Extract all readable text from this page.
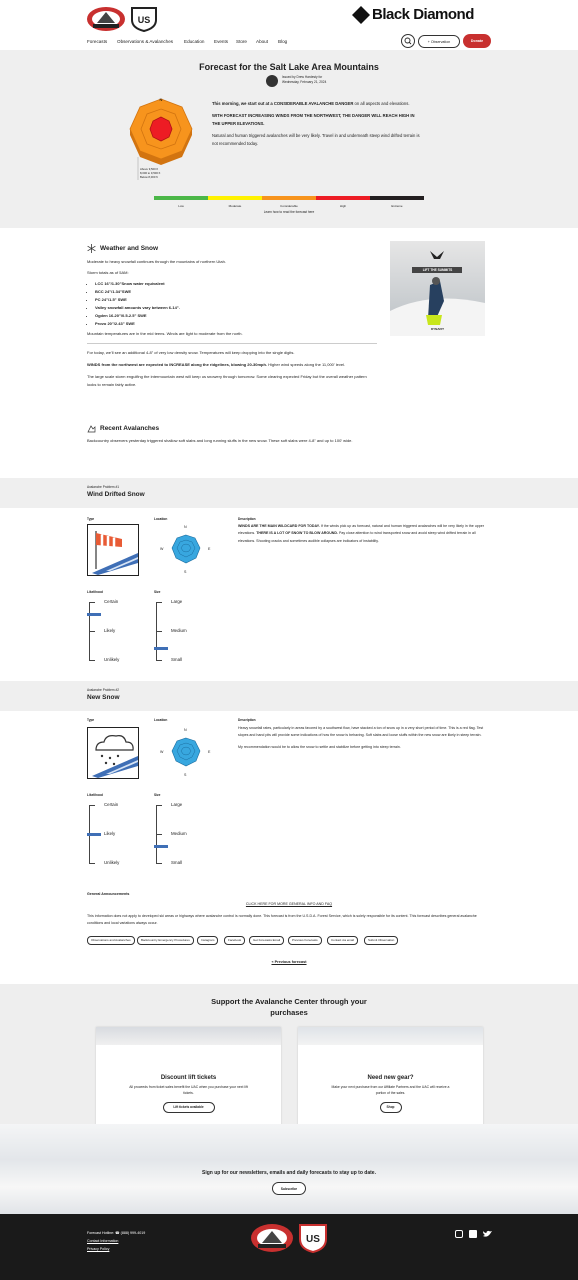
US	Black Diamond
Forecasts Observations & Avalanches Education Events Store About Blog	+ Observation	Donate
Forecast for the Salt Lake Area Mountains
Issued by Drew Hardesty for
Wednesday, February 21, 2024
N
Above 9,500 ft
8,000 to 9,500 ft
Below 8,000 ft

This morning, we start out at a CONSIDERABLE AVALANCHE DANGER on all aspects and elevations.

WITH FORECAST INCREASING WINDS FROM THE NORTHWEST, THE DANGER WILL REACH HIGH IN THE UPPER ELEVATIONS.

Natural and human triggered avalanches will be very likely. Travel in and underneath steep wind drifted terrain is not recommended today.

Low	Moderate	Considerable	High	Extreme
Learn how to read the forecast here
Weather and Snow

Moderate to heavy snowfall continues through the mountains of northern Utah.

Storm totals as of 5AM:

• LCC 16"/1.30"Snow water equivalent
• BCC 24"/1.34"SWE
• PC 24"/1.5" SWE
• Valley snowfall amounts vary between 6-14".
• Ogden 16-20"/0.5-2.5" SWE
• Provo 20"/2.43" SWE

Mountain temperatures are in the mid teens. Winds are light to moderate from the north.

For today, we'll see an additional 4-8" of very low density snow. Temperatures will keep dropping into the single digits.

WINDS from the northwest are expected to INCREASE along the ridgelines, blowing 20-30mph. Higher wind speeds along the 11,000' level.

The large scale storm engulfing the intermountain west will keep us snowery through tomorrow. Some clearing expected Friday but the overall weather pattern looks to remain fairly active.

LIFT THE SUMMITS
DYNAFIT
Recent Avalanches
Backcountry observers yesterday triggered shallow soft slabs and long running sluffs in the new snow. These soft slabs were 4-8" and up to 100' wide.
Avalanche Problem #1
Wind Drifted Snow
Type	Location
N
E
S
W
Description
WINDS ARE THE MAIN WILDCARD FOR TODAY. If the winds pick up as forecast, natural and human triggered avalanches will be very likely in the upper elevations. THERE IS A LOT OF SNOW TO BLOW AROUND. Pay close attention to wind transported snow and avoid steep wind drifted terrain in all elevations. Shooting cracks and sometimes audible collapses are indicators of instability.
Likelihood
Certain
Likely
Unlikely
Size
Large
Medium
Small
Avalanche Problem #2
New Snow
Type	Location
N
E
S
W
Description

Heavy snowfall rates, particularly in areas favored by a southwest flow, have stacked a ton of snow up in a very short period of time. This is a red flag. Test slopes and hand pits will provide some indications of how the snow is behaving. Soft slabs and loose sluffs within the new snow are likely in steep terrain.

My recommendation would be to allow the snow to settle and stabilize before getting into steep terrain.

Likelihood
Certain
Likely
Unlikely
Size
Large
Medium
Small
General Announcements
CLICK HERE FOR MORE GENERAL INFO AND FAQ
This information does not apply to developed ski areas or highways where avalanche control is normally done. This forecast is from the U.S.D.A. Forest Service, which is solely responsible for its content. This forecast describes general avalanche conditions and local variations always occur.
Observations and Avalanches	Backcountry Emergency Procedures	Instagram	Facebook	Get Forecasts Email	Previous Forecasts	Contact via email	Submit Observation
« Previous forecast
Support the Avalanche Center through your purchases
Discount lift tickets
All proceeds from ticket sales benefit the UAC when you purchase your next lift tickets.
Lift tickets available
Need new gear?
Make your next purchase from our Affiliate Partners and the UAC will receive a portion of the sales.
Shop
Sign up for our newsletters, emails and daily forecasts to stay up to date.
Subscribe
Forecast Hotline: ☎ (888) 999-4019
Contact Information
Privacy Policy
US
